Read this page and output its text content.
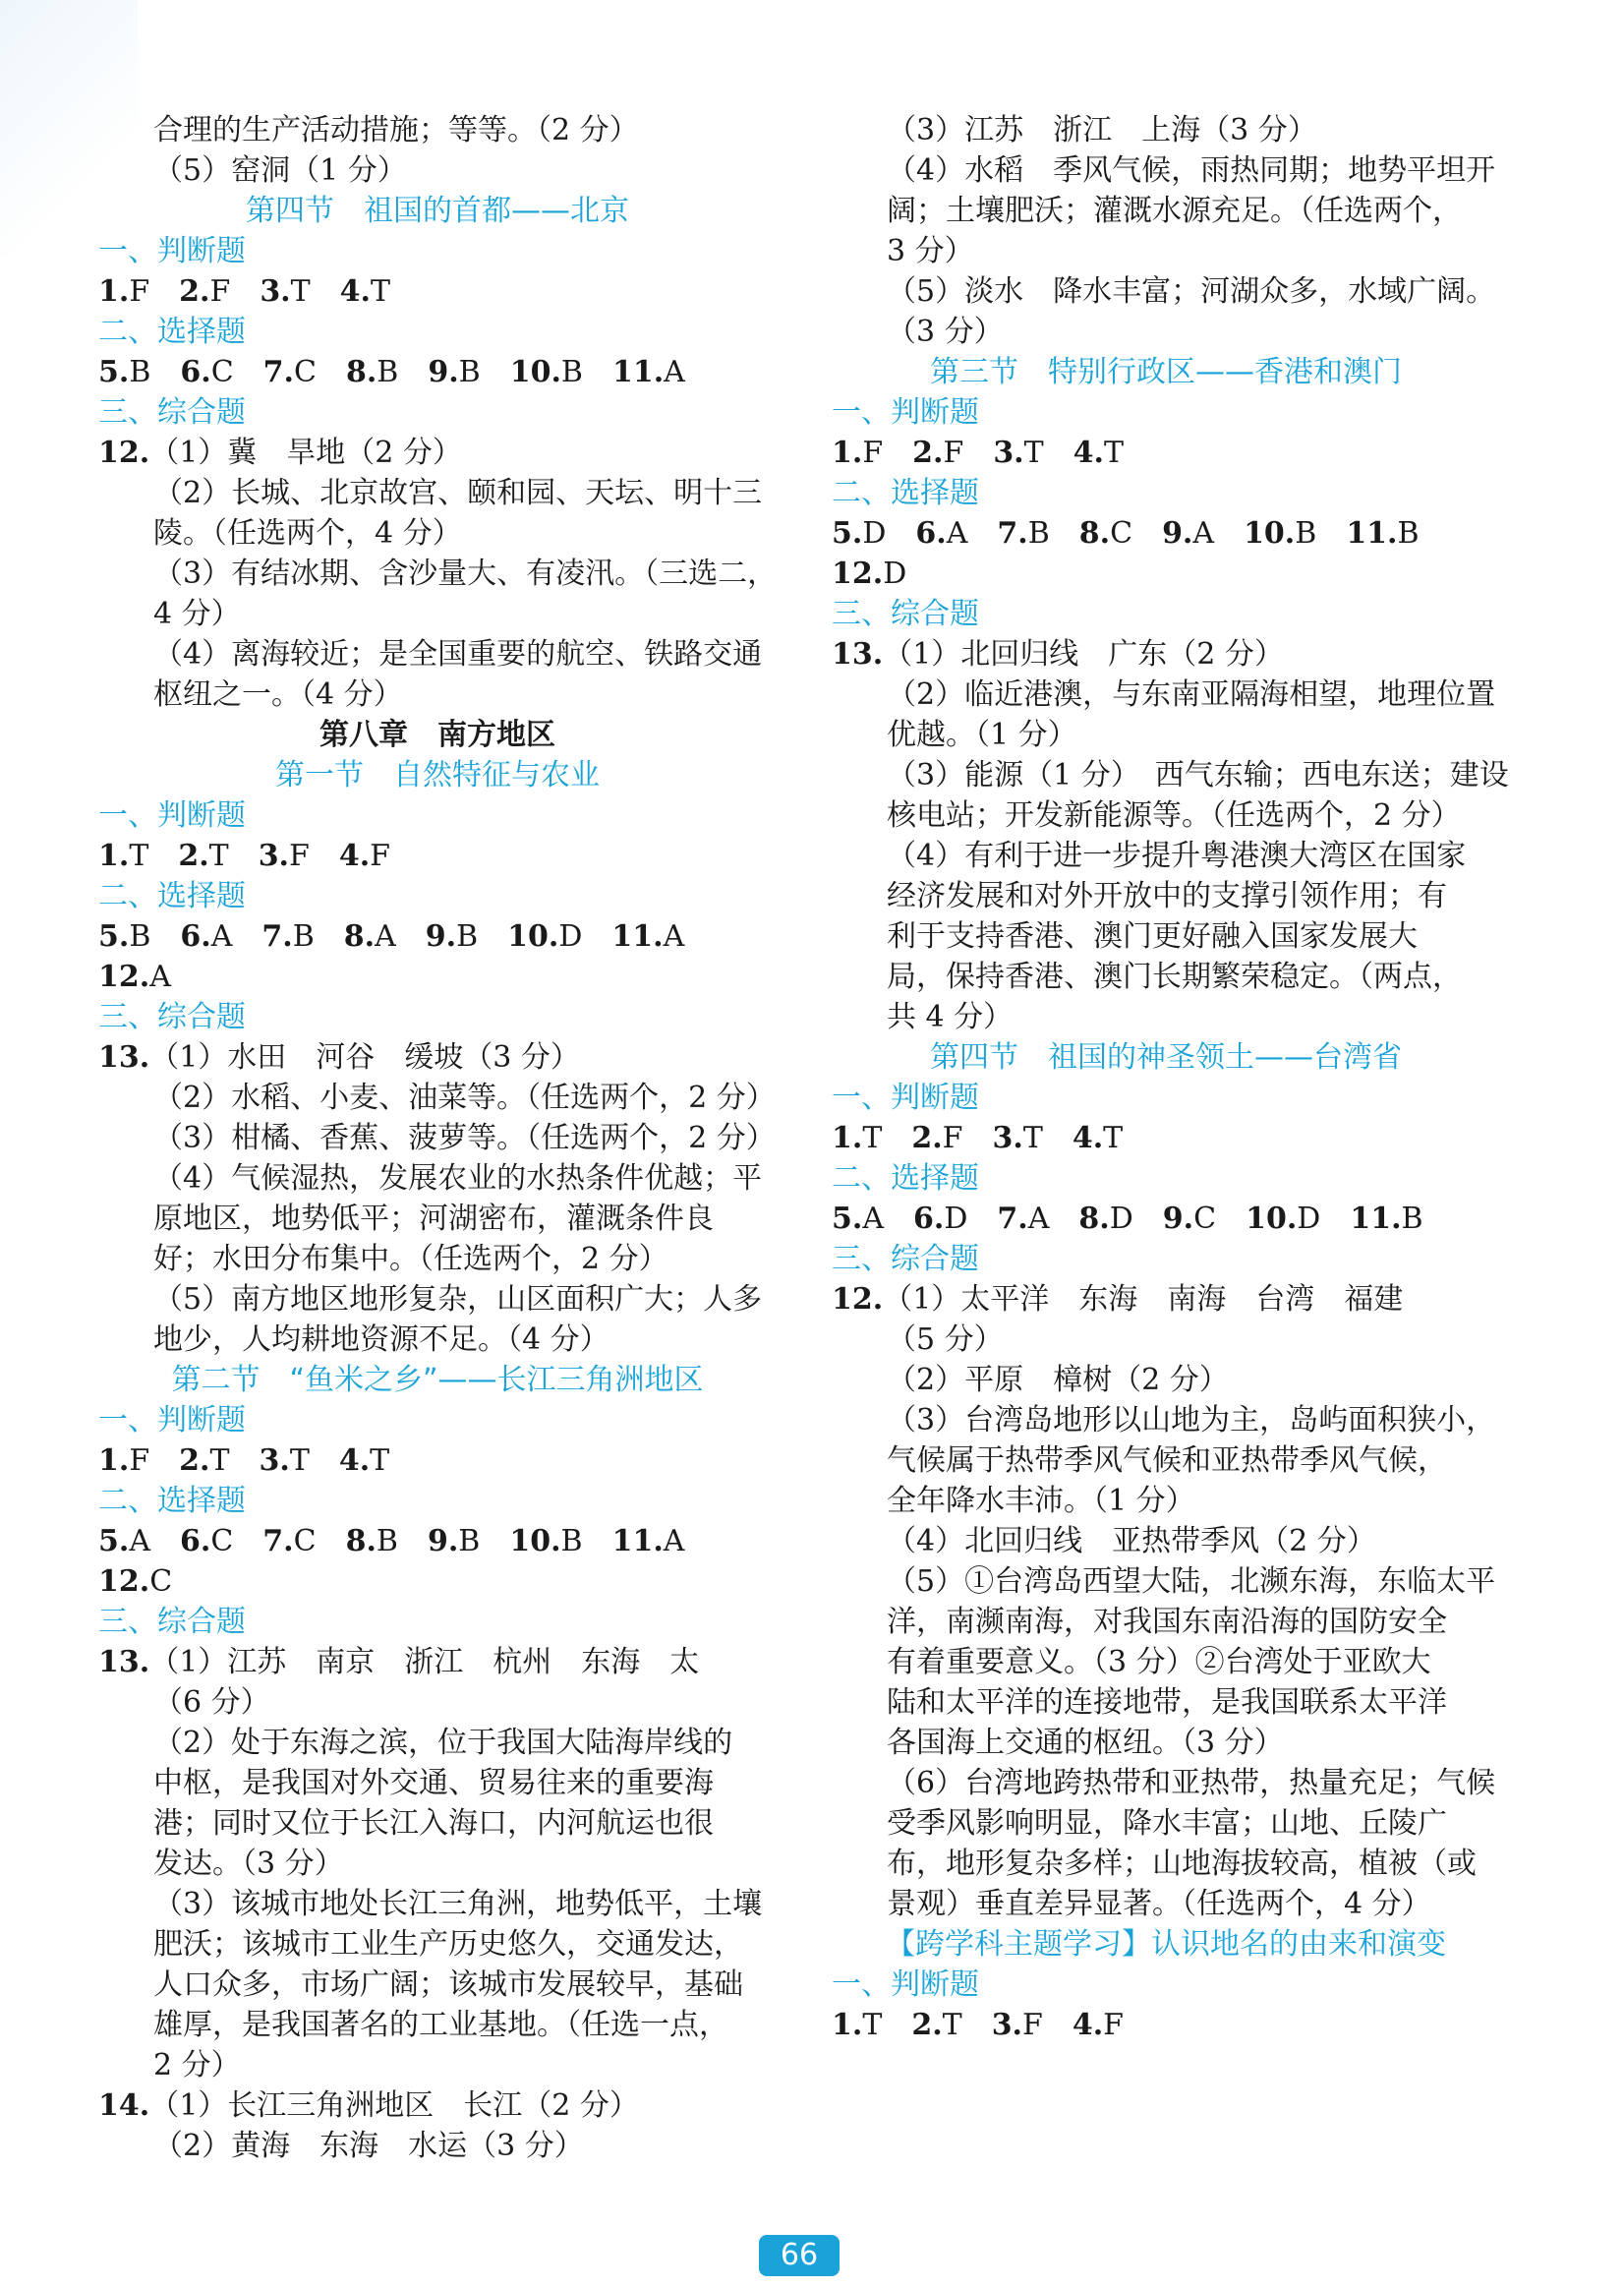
合理的生产活动措施；等等。（2 分）
（5）窑洞（1 分）
第四节　祖国的首都——北京
一、判断题
1.F 2.F 3.T 4.T
二、选择题
5.B 6.C 7.C 8.B 9.B 10.B 11.A
三、综合题
12.（1）冀　旱地（2 分）
（2）长城、北京故宫、颐和园、天坛、明十三
陵。（任选两个，4 分）
（3）有结冰期、含沙量大、有凌汛。（三选二，
4 分）
（4）离海较近；是全国重要的航空、铁路交通
枢纽之一。（4 分）
第八章　南方地区
第一节　自然特征与农业
一、判断题
1.T 2.T 3.F 4.F
二、选择题
5.B 6.A 7.B 8.A 9.B 10.D 11.A
12.A
三、综合题
13.（1）水田　河谷　缓坡（3 分）
（2）水稻、小麦、油菜等。（任选两个，2 分）
（3）柑橘、香蕉、菠萝等。（任选两个，2 分）
（4）气候湿热，发展农业的水热条件优越；平
原地区，地势低平；河湖密布，灌溉条件良
好；水田分布集中。（任选两个，2 分）
（5）南方地区地形复杂，山区面积广大；人多
地少，人均耕地资源不足。（4 分）
第二节　“鱼米之乡”——长江三角洲地区
一、判断题
1.F 2.T 3.T 4.T
二、选择题
5.A 6.C 7.C 8.B 9.B 10.B 11.A
12.C
三、综合题
13.（1）江苏　南京　浙江　杭州　东海　太
（6 分）
（2）处于东海之滨，位于我国大陆海岸线的
中枢，是我国对外交通、贸易往来的重要海
港；同时又位于长江入海口，内河航运也很
发达。（3 分）
（3）该城市地处长江三角洲，地势低平，土壤
肥沃；该城市工业生产历史悠久，交通发达，
人口众多，市场广阔；该城市发展较早，基础
雄厚，是我国著名的工业基地。（任选一点，
2 分）
14.（1）长江三角洲地区　长江（2 分）
（2）黄海　东海　水运（3 分）
（3）江苏　浙江　上海（3 分）
（4）水稻　季风气候，雨热同期；地势平坦开
阔；土壤肥沃；灌溉水源充足。（任选两个，
3 分）
（5）淡水　降水丰富；河湖众多，水域广阔。
（3 分）
第三节　特别行政区——香港和澳门
一、判断题
1.F 2.F 3.T 4.T
二、选择题
5.D 6.A 7.B 8.C 9.A 10.B 11.B
12.D
三、综合题
13.（1）北回归线　广东（2 分）
（2）临近港澳，与东南亚隔海相望，地理位置
优越。（1 分）
（3）能源（1 分）　西气东输；西电东送；建设
核电站；开发新能源等。（任选两个，2 分）
（4）有利于进一步提升粤港澳大湾区在国家
经济发展和对外开放中的支撑引领作用；有
利于支持香港、澳门更好融入国家发展大
局，保持香港、澳门长期繁荣稳定。（两点，
共 4 分）
第四节　祖国的神圣领土——台湾省
一、判断题
1.T 2.F 3.T 4.T
二、选择题
5.A 6.D 7.A 8.D 9.C 10.D 11.B
三、综合题
12.（1）太平洋　东海　南海　台湾　福建
（5 分）
（2）平原　樟树（2 分）
（3）台湾岛地形以山地为主，岛屿面积狭小，
气候属于热带季风气候和亚热带季风气候，
全年降水丰沛。（1 分）
（4）北回归线　亚热带季风（2 分）
（5）①台湾岛西望大陆，北濒东海，东临太平
洋，南濒南海，对我国东南沿海的国防安全
有着重要意义。（3 分）②台湾处于亚欧大
陆和太平洋的连接地带，是我国联系太平洋
各国海上交通的枢纽。（3 分）
（6）台湾地跨热带和亚热带，热量充足；气候
受季风影响明显，降水丰富；山地、丘陵广
布，地形复杂多样；山地海拔较高，植被（或
景观）垂直差异显著。（任选两个，4 分）
【跨学科主题学习】认识地名的由来和演变
一、判断题
1.T 2.T 3.F 4.F
66
